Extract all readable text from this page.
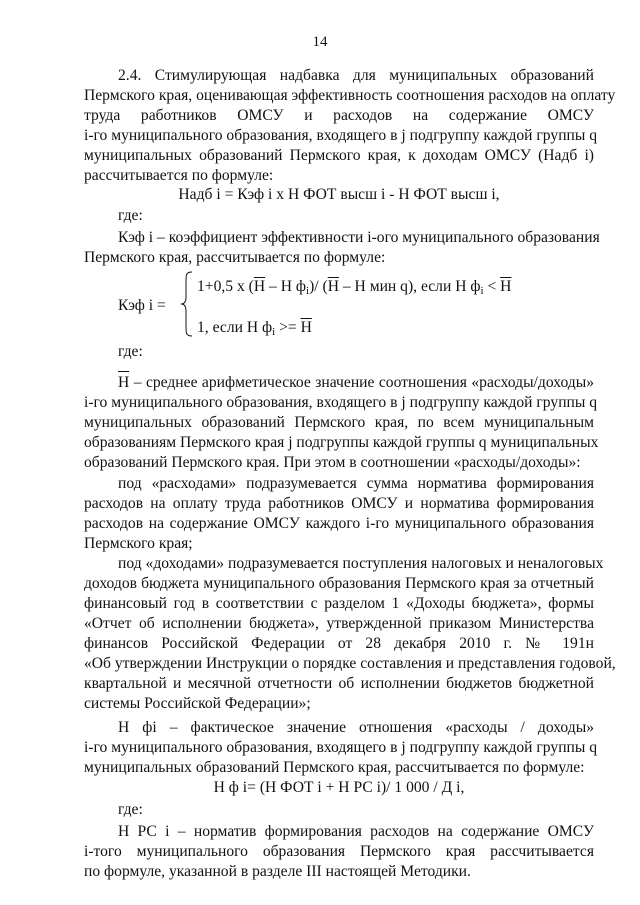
14
2.4. Стимулирующая надбавка для муниципальных образований
Пермского края, оценивающая эффективность соотношения расходов на оплату
труда работников ОМСУ и расходов на содержание ОМСУ
i-го муниципального образования, входящего в j подгруппу каждой группы q
муниципальных образований Пермского края, к доходам ОМСУ (Надб i)
рассчитывается по формуле:
Надб i = Кэф i x Н ФОТ высш i - Н ФОТ высш i,
где:
Кэф i – коэффициент эффективности i-ого муниципального образования
Пермского края, рассчитывается по формуле:
Кэф i =
1+0,5 x (Н – Н $ф_i)/$ (Н – Н мин q), если Н $ф_i < Н$
1, если Н $ф_i >= Н$
где:
Н – среднее арифметическое значение соотношения «расходы/доходы»
i-го муниципального образования, входящего в j подгруппу каждой группы q
муниципальных образований Пермского края, по всем муниципальным
образованиям Пермского края j подгруппы каждой группы q муниципальных
образований Пермского края. При этом в соотношении «расходы/доходы»:
под «расходами» подразумевается сумма норматива формирования
расходов на оплату труда работников ОМСУ и норматива формирования
расходов на содержание ОМСУ каждого i-го муниципального образования
Пермского края;
под «доходами» подразумевается поступления налоговых и неналоговых
доходов бюджета муниципального образования Пермского края за отчетный
финансовый год в соответствии с разделом 1 «Доходы бюджета», формы
«Отчет об исполнении бюджета», утвержденной приказом Министерства
финансов Российской Федерации от 28 декабря 2010 г. № 191н
«Об утверждении Инструкции о порядке составления и представления годовой,
квартальной и месячной отчетности об исполнении бюджетов бюджетной
системы Российской Федерации»;
Н фi – фактическое значение отношения «расходы / доходы»
i-го муниципального образования, входящего в j подгруппу каждой группы q
муниципальных образований Пермского края, рассчитывается по формуле:
Н ф i= (Н ФОТ i + Н РС i)/ 1 000 / Д i,
где:
Н РС i – норматив формирования расходов на содержание ОМСУ
i-того муниципального образования Пермского края рассчитывается
по формуле, указанной в разделе III настоящей Методики.
